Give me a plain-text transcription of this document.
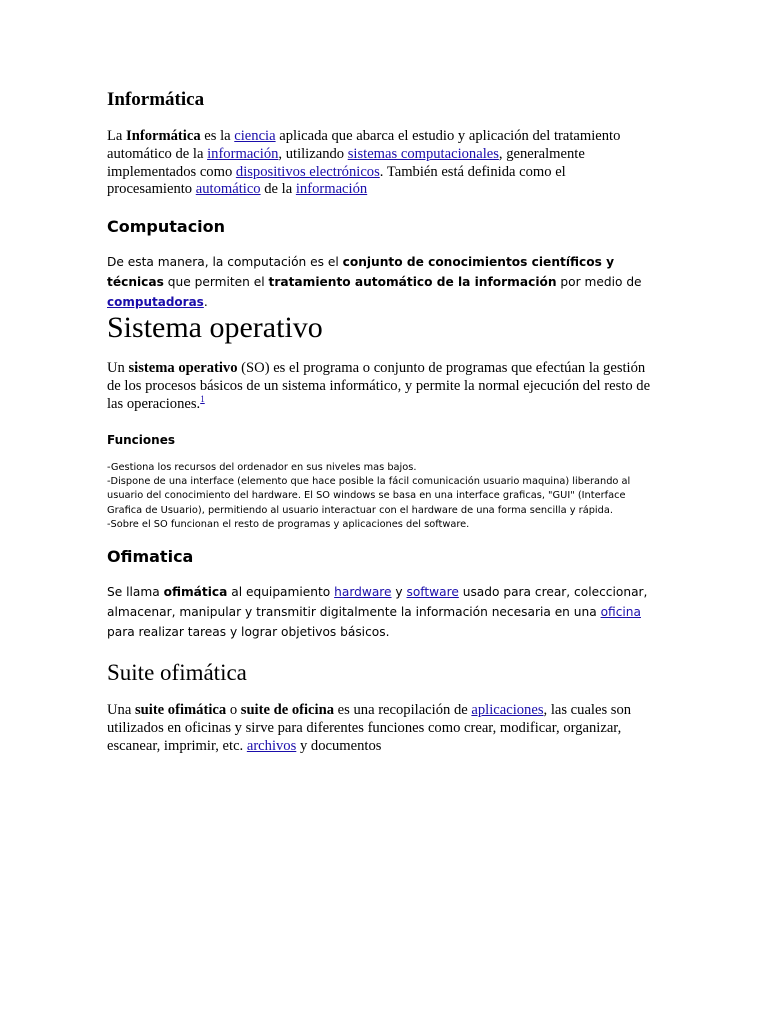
Informática

La Informática es la ciencia aplicada que abarca el estudio y aplicación del tratamiento automático de la información, utilizando sistemas computacionales, generalmente implementados como dispositivos electrónicos. También está definida como el procesamiento automático de la información

Computacion

De esta manera, la computación es el conjunto de conocimientos científicos y técnicas que permiten el tratamiento automático de la información por medio de computadoras.

Sistema operativo

Un sistema operativo (SO) es el programa o conjunto de programas que efectúan la gestión de los procesos básicos de un sistema informático, y permite la normal ejecución del resto de las operaciones.$^1$

Funciones
-Gestiona los recursos del ordenador en sus niveles mas bajos.
-Dispone de una interface (elemento que hace posible la fácil comunicación usuario maquina) liberando al usuario del conocimiento del hardware. El SO windows se basa en una interface graficas, "GUI" (Interface Grafica de Usuario), permitiendo al usuario interactuar con el hardware de una forma sencilla y rápida.
-Sobre el SO funcionan el resto de programas y aplicaciones del software.
Ofimatica

Se llama ofimática al equipamiento hardware y software usado para crear, coleccionar, almacenar, manipular y transmitir digitalmente la información necesaria en una oficina para realizar tareas y lograr objetivos básicos.

Suite ofimática

Una suite ofimática o suite de oficina es una recopilación de aplicaciones, las cuales son utilizados en oficinas y sirve para diferentes funciones como crear, modificar, organizar, escanear, imprimir, etc. archivos y documentos
